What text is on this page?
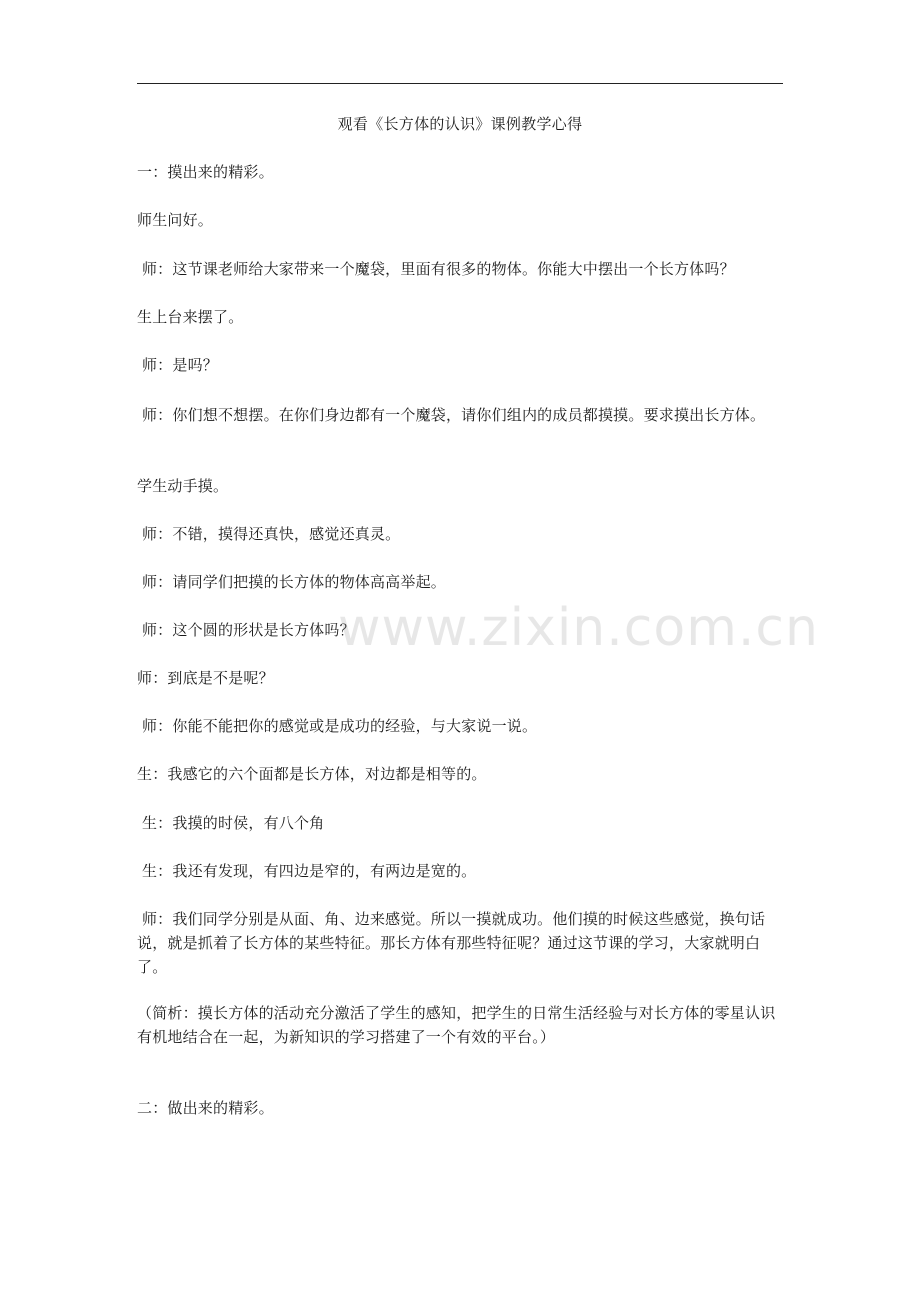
观看《长方体的认识》课例教学心得

一：摸出来的精彩。

师生问好。

师：这节课老师给大家带来一个魔袋，里面有很多的物体。你能大中摆出一个长方体吗？

生上台来摆了。

师：是吗？

师：你们想不想摆。在你们身边都有一个魔袋，请你们组内的成员都摸摸。要求摸出长方体。

学生动手摸。

师：不错，摸得还真快，感觉还真灵。

师：请同学们把摸的长方体的物体高高举起。

师：这个圆的形状是长方体吗？

师：到底是不是呢？

师：你能不能把你的感觉或是成功的经验，与大家说一说。

生：我感它的六个面都是长方体，对边都是相等的。

生：我摸的时侯，有八个角

生：我还有发现，有四边是窄的，有两边是宽的。

师：我们同学分别是从面、角、边来感觉。所以一摸就成功。他们摸的时候这些感觉，换句话说，就是抓着了长方体的某些特征。那长方体有那些特征呢？通过这节课的学习，大家就明白了。

（简析：摸长方体的活动充分激活了学生的感知，把学生的日常生活经验与对长方体的零星认识有机地结合在一起，为新知识的学习搭建了一个有效的平台。）

二：做出来的精彩。

www.zixin.com.cn
